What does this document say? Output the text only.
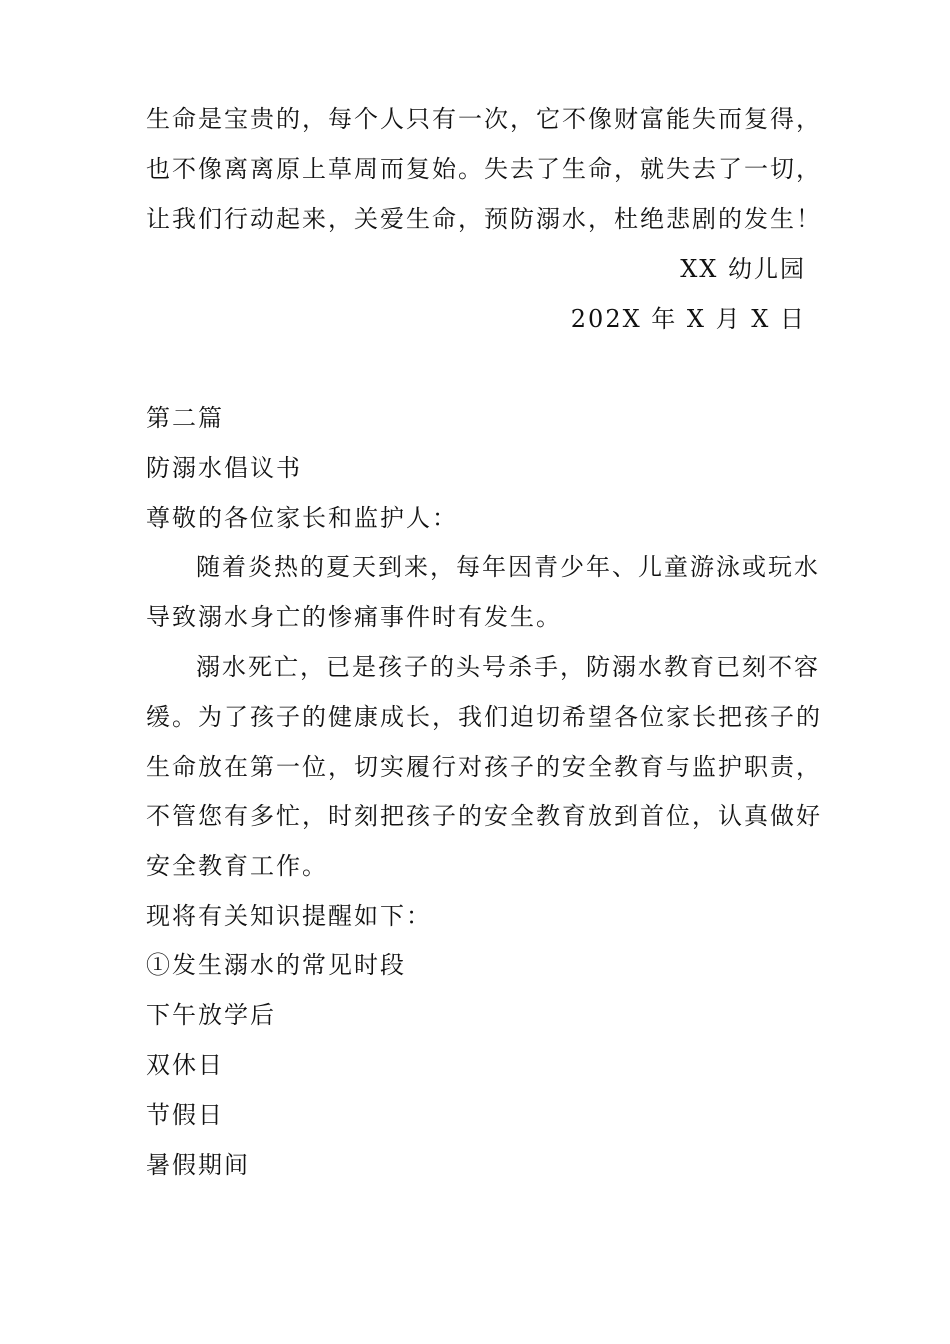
生命是宝贵的，每个人只有一次，它不像财富能失而复得，
也不像离离原上草周而复始。失去了生命，就失去了一切，
让我们行动起来，关爱生命，预防溺水，杜绝悲剧的发生！
XX 幼儿园
202X 年 X 月 X 日
第二篇
防溺水倡议书
尊敬的各位家长和监护人：
随着炎热的夏天到来，每年因青少年、儿童游泳或玩水
导致溺水身亡的惨痛事件时有发生。
溺水死亡，已是孩子的头号杀手，防溺水教育已刻不容
缓。为了孩子的健康成长，我们迫切希望各位家长把孩子的
生命放在第一位，切实履行对孩子的安全教育与监护职责，
不管您有多忙，时刻把孩子的安全教育放到首位，认真做好
安全教育工作。
现将有关知识提醒如下：
①发生溺水的常见时段
下午放学后
双休日
节假日
暑假期间
